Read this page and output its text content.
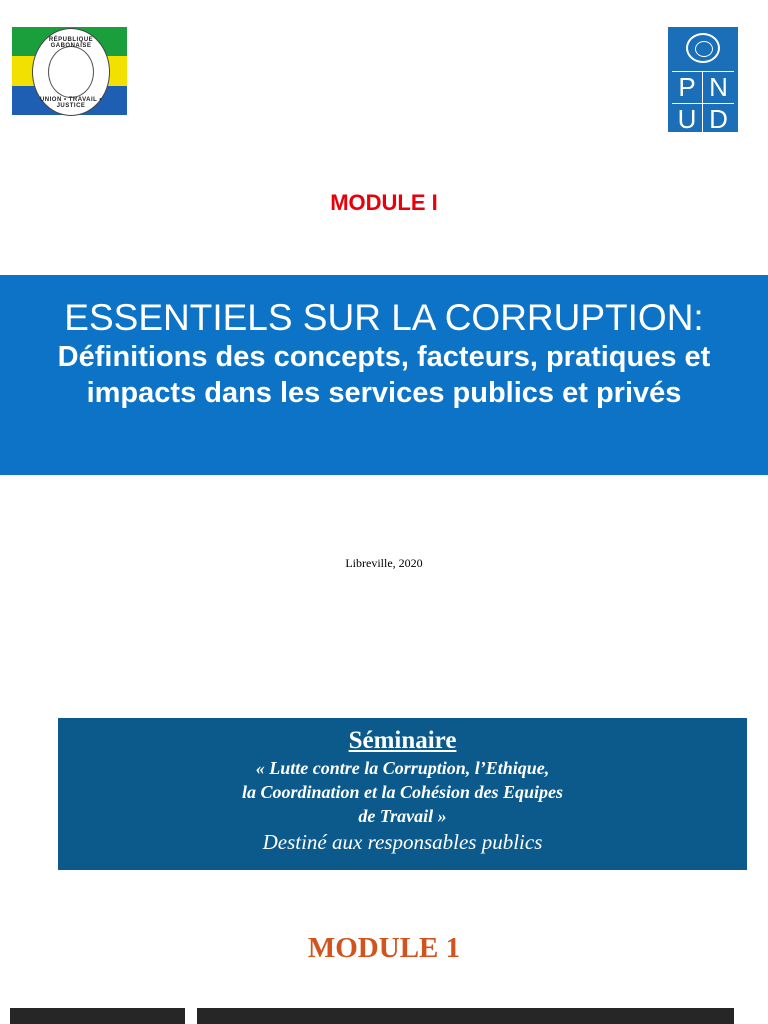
RÉPUBLIQUE GABONAISE
UNION • TRAVAIL • JUSTICE
P N
U D
MODULE I
ESSENTIELS SUR LA CORRUPTION:
Définitions des concepts, facteurs, pratiques et impacts dans les services publics et privés
Libreville, 2020
Séminaire
« Lutte contre la Corruption, l’Ethique,
la Coordination et la Cohésion des Equipes
de Travail »
Destiné aux responsables publics
MODULE 1
